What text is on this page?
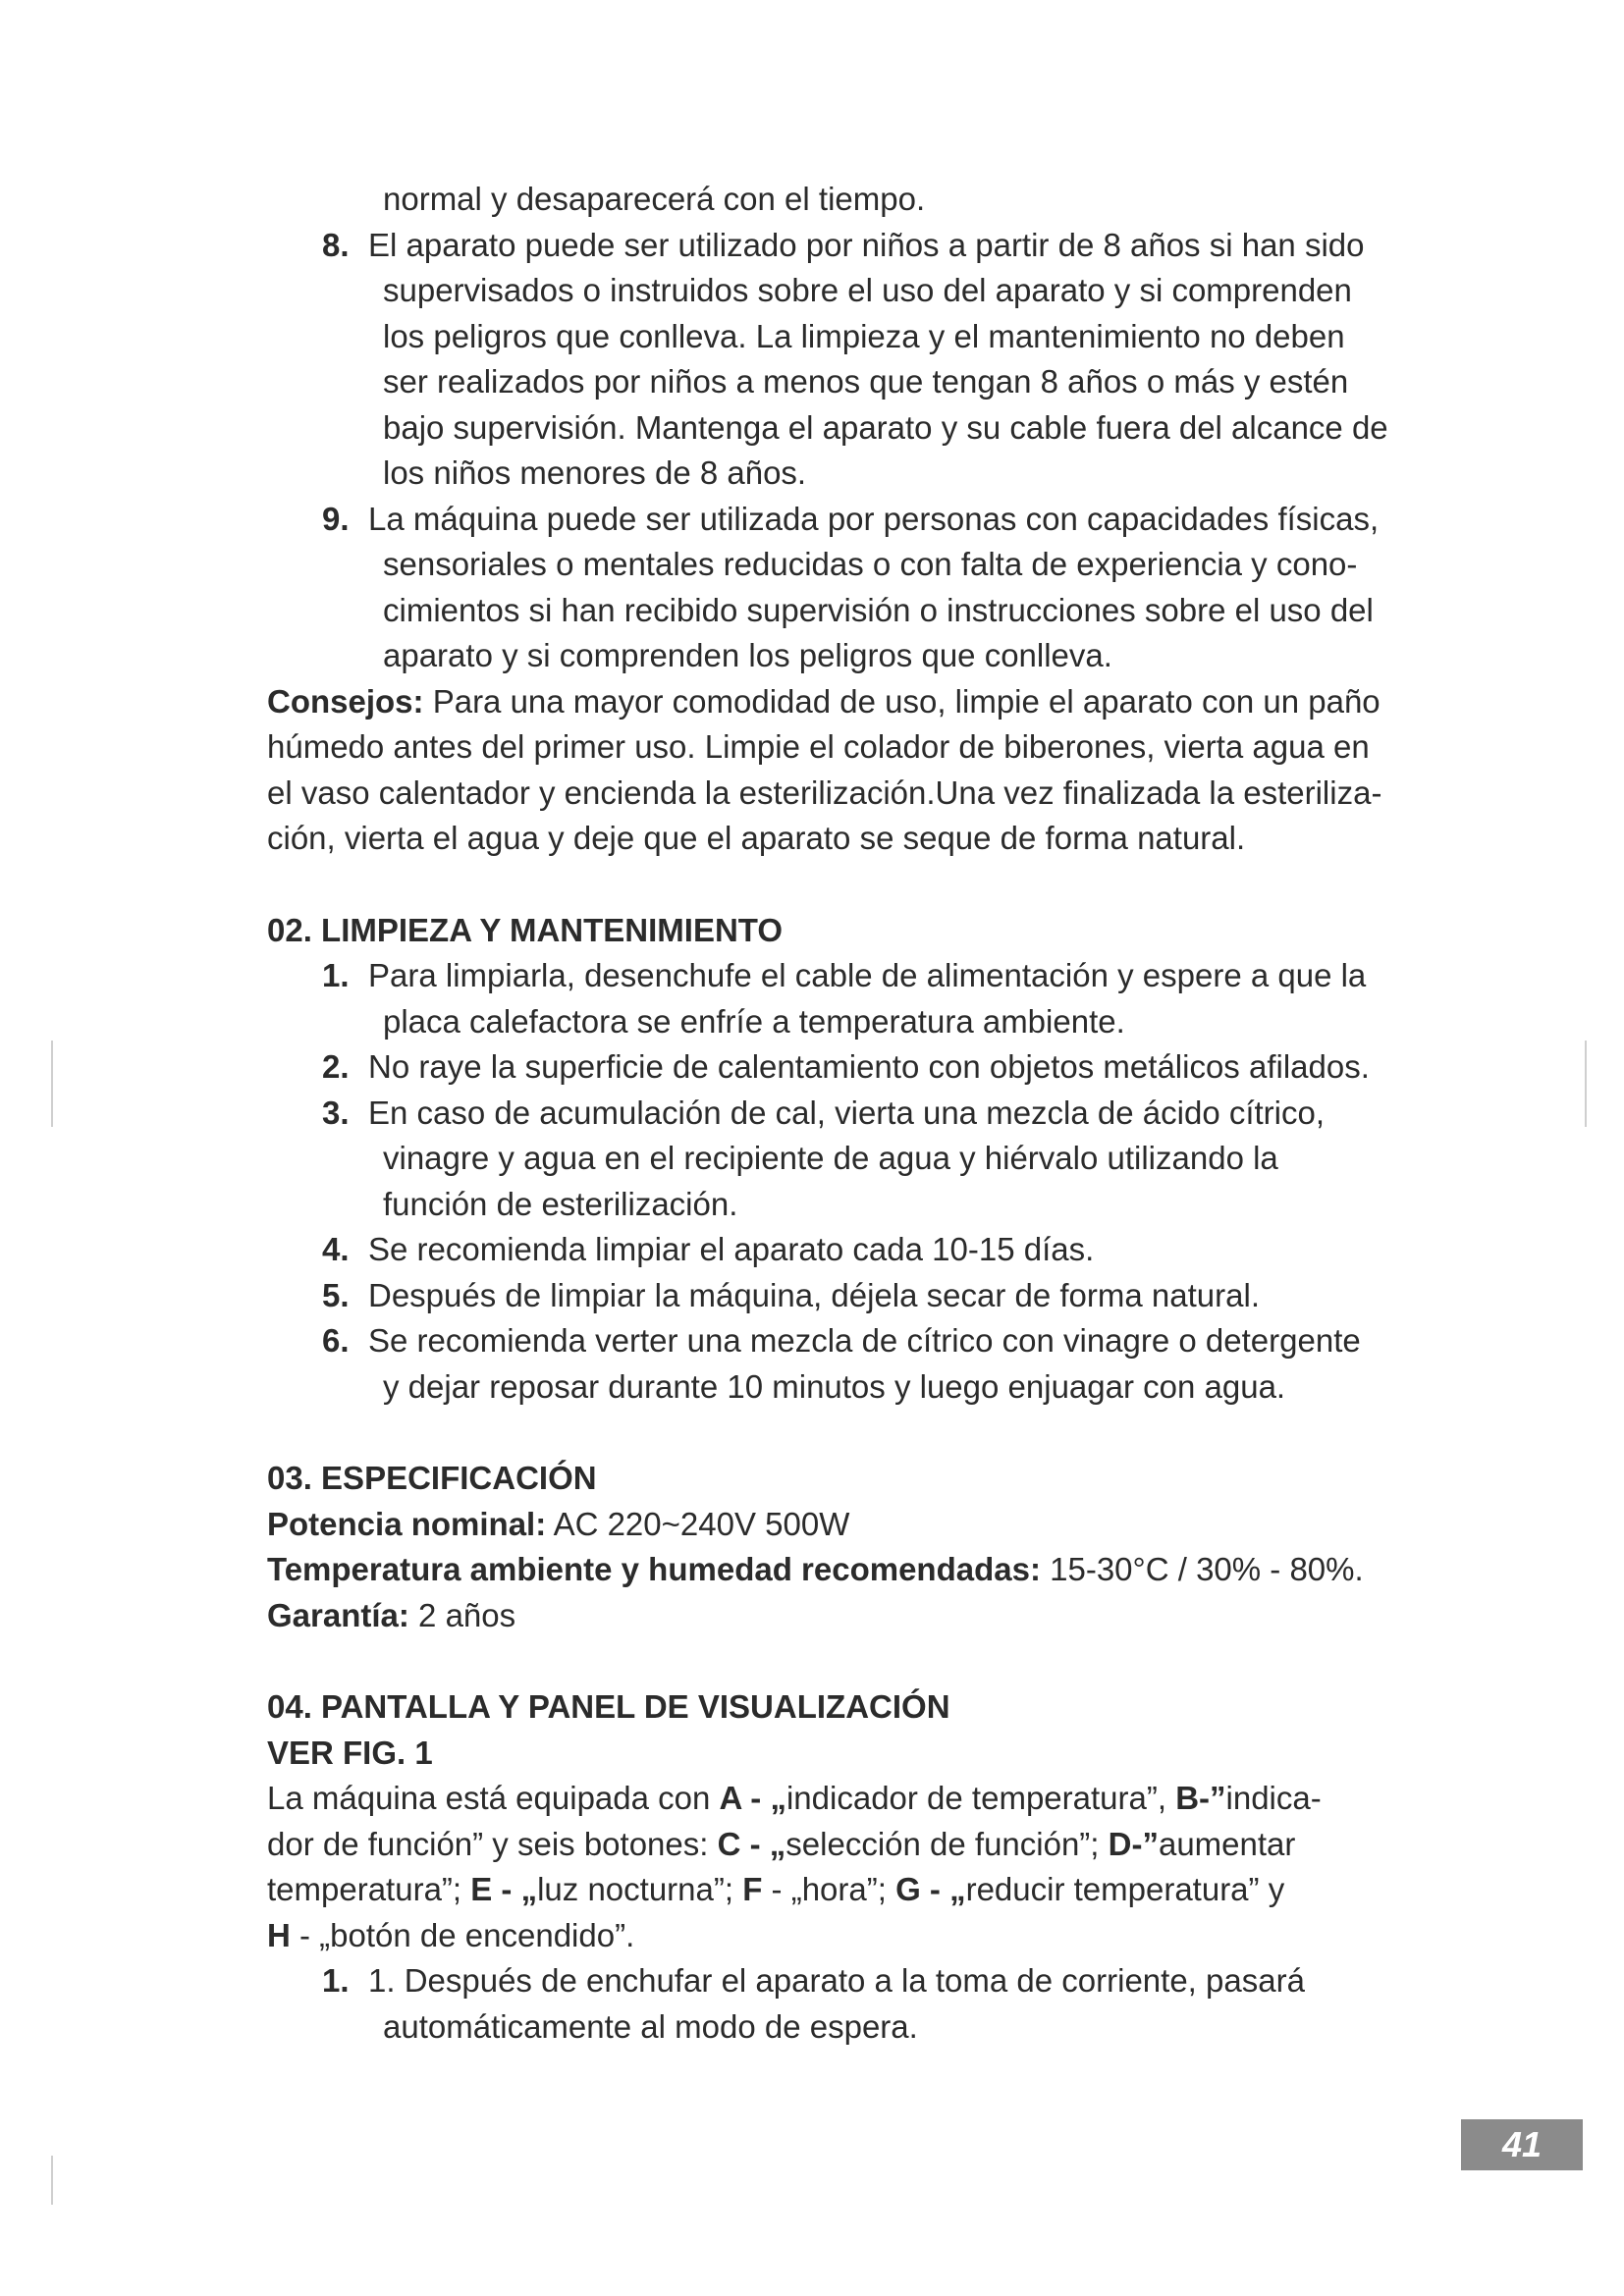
normal y desaparecerá con el tiempo.
8. El aparato puede ser utilizado por niños a partir de 8 años si han sido
supervisados o instruidos sobre el uso del aparato y si comprenden
los peligros que conlleva. La limpieza y el mantenimiento no deben
ser realizados por niños a menos que tengan 8 años o más y estén
bajo supervisión. Mantenga el aparato y su cable fuera del alcance de
los niños menores de 8 años.
9. La máquina puede ser utilizada por personas con capacidades físicas,
sensoriales o mentales reducidas o con falta de experiencia y cono-
cimientos si han recibido supervisión o instrucciones sobre el uso del
aparato y si comprenden los peligros que conlleva.
Consejos: Para una mayor comodidad de uso, limpie el aparato con un paño
húmedo antes del primer uso. Limpie el colador de biberones, vierta agua en
el vaso calentador y encienda la esterilización.Una vez finalizada la esteriliza-
ción, vierta el agua y deje que el aparato se seque de forma natural.
02. LIMPIEZA Y MANTENIMIENTO
1. Para limpiarla, desenchufe el cable de alimentación y espere a que la
placa calefactora se enfríe a temperatura ambiente.
2. No raye la superficie de calentamiento con objetos metálicos afilados.
3. En caso de acumulación de cal, vierta una mezcla de ácido cítrico,
vinagre y agua en el recipiente de agua y hiérvalo utilizando la
función de esterilización.
4. Se recomienda limpiar el aparato cada 10-15 días.
5. Después de limpiar la máquina, déjela secar de forma natural.
6. Se recomienda verter una mezcla de cítrico con vinagre o detergente
y dejar reposar durante 10 minutos y luego enjuagar con agua.
03. ESPECIFICACIÓN
Potencia nominal: AC 220~240V 500W
Temperatura ambiente y humedad recomendadas: 15-30°C / 30% - 80%.
Garantía: 2 años
04. PANTALLA Y PANEL DE VISUALIZACIÓN
VER FIG. 1
La máquina está equipada con A - „indicador de temperatura”, B-”indica-
dor de función” y seis botones: C - „selección de función”; D-”aumentar
temperatura”; E - „luz nocturna”; F - „hora”; G - „reducir temperatura” y
H - „botón de encendido”.
1. 1. Después de enchufar el aparato a la toma de corriente, pasará
automáticamente al modo de espera.
41
